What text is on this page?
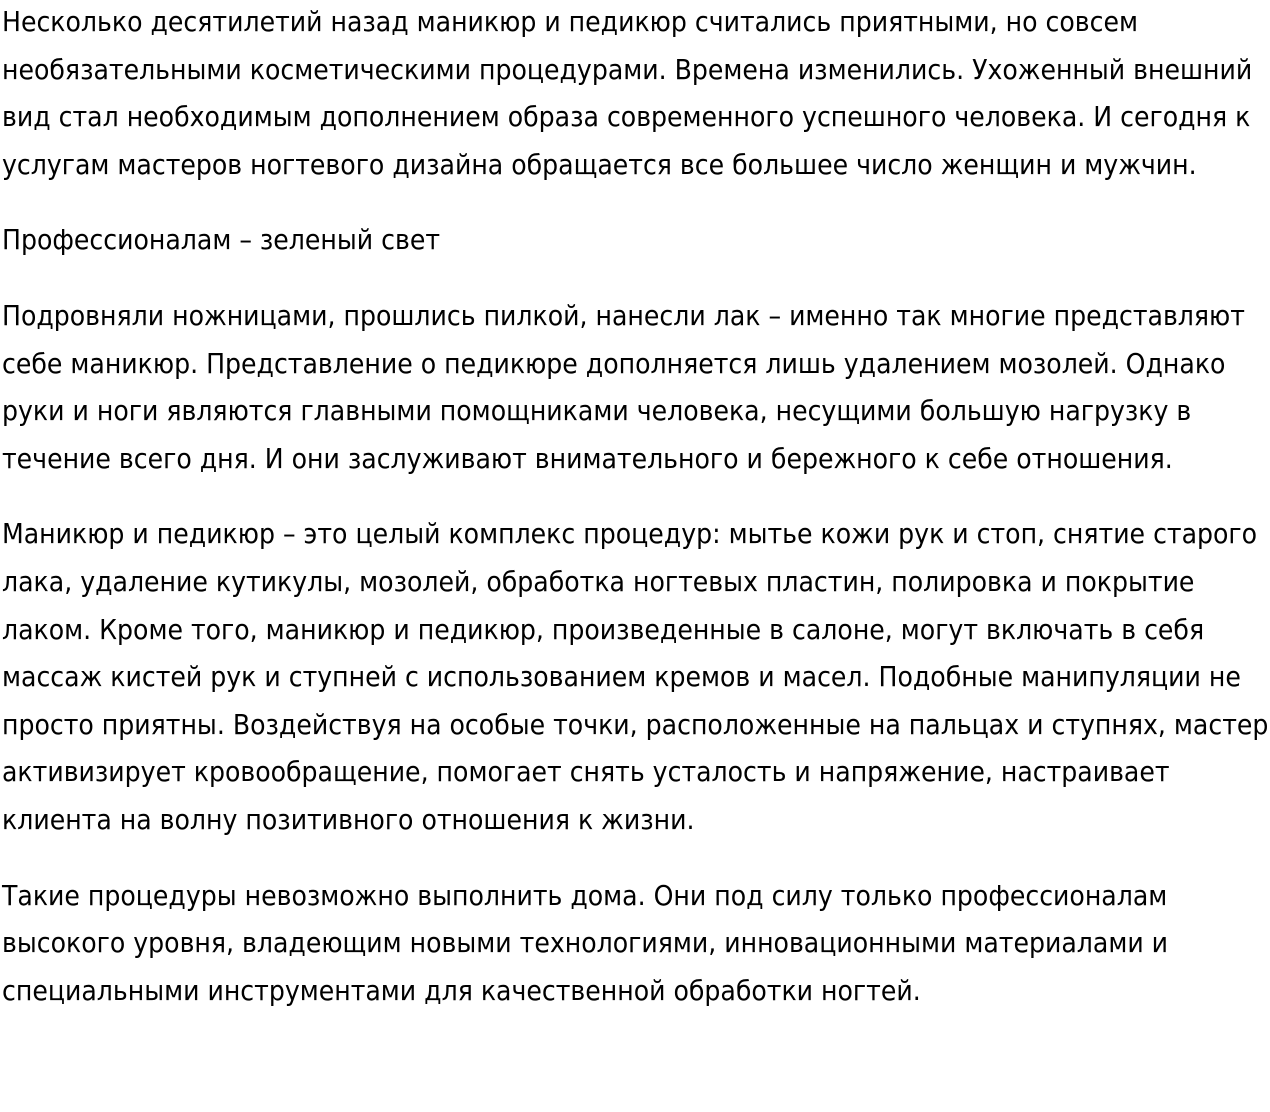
Несколько десятилетий назад маникюр и педикюр считались приятными, но совсем необязательными косметическими процедурами. Времена изменились. Ухоженный внешний вид стал необходимым дополнением образа современного успешного человека. И сегодня к услугам мастеров ногтевого дизайна обращается все большее число женщин и мужчин.

Профессионалам – зеленый свет

Подровняли ножницами, прошлись пилкой, нанесли лак – именно так многие представляют себе маникюр. Представление о педикюре дополняется лишь удалением мозолей. Однако руки и ноги являются главными помощниками человека, несущими большую нагрузку в течение всего дня. И они заслуживают внимательного и бережного к себе отношения.

Маникюр и педикюр – это целый комплекс процедур: мытье кожи рук и стоп, снятие старого лака, удаление кутикулы, мозолей, обработка ногтевых пластин, полировка и покрытие лаком. Кроме того, маникюр и педикюр, произведенные в салоне, могут включать в себя массаж кистей рук и ступней с использованием кремов и масел. Подобные манипуляции не просто приятны. Воздействуя на особые точки, расположенные на пальцах и ступнях, мастер активизирует кровообращение, помогает снять усталость и напряжение, настраивает клиента на волну позитивного отношения к жизни.

Такие процедуры невозможно выполнить дома. Они под силу только профессионалам высокого уровня, владеющим новыми технологиями, инновационными материалами и специальными инструментами для качественной обработки ногтей.
